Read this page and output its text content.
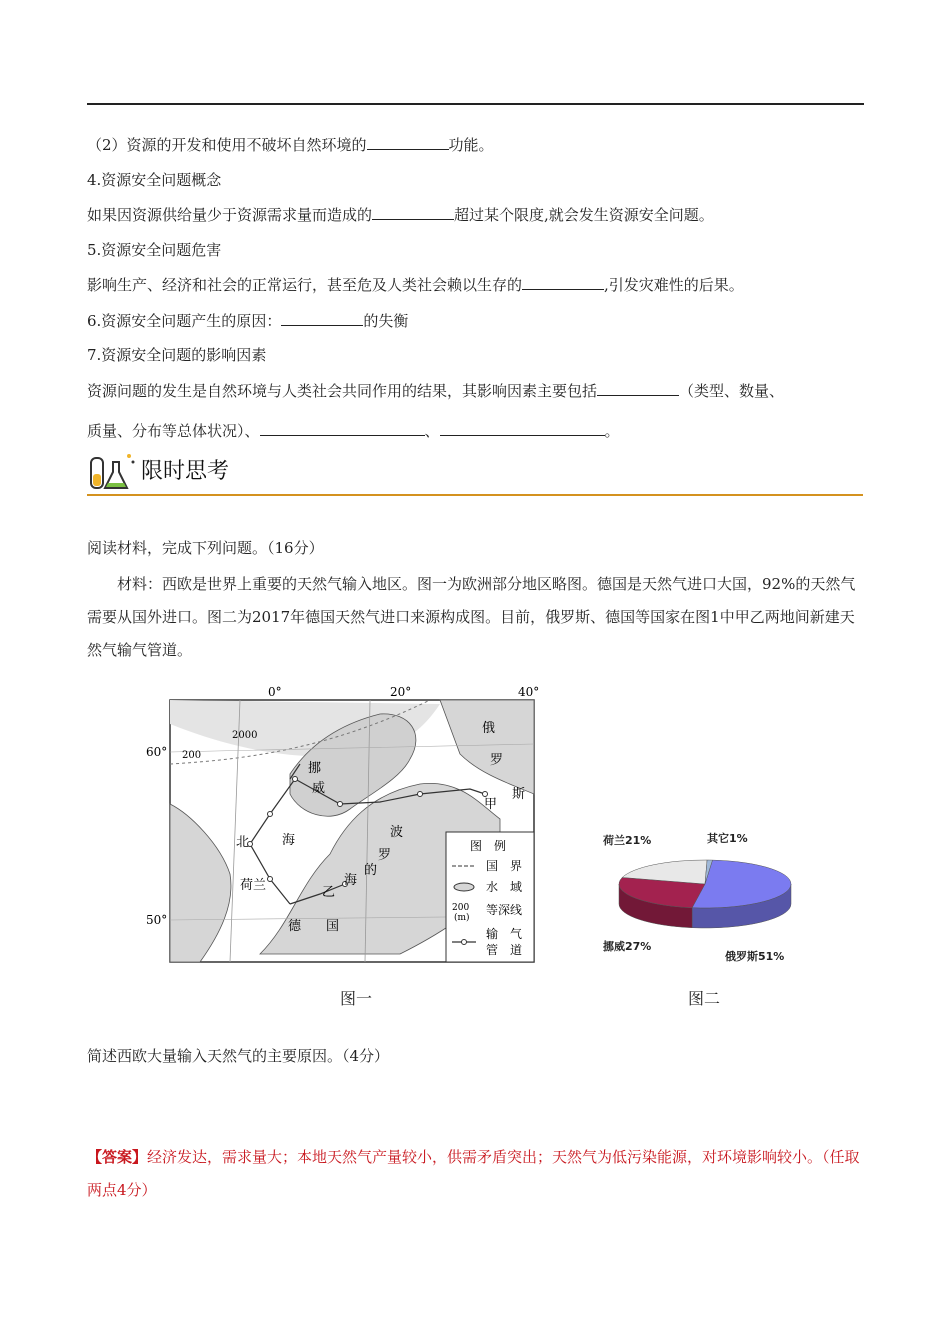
（2）资源的开发和使用不破坏自然环境的	功能。
4.资源安全问题概念
如果因资源供给量少于资源需求量而造成的	超过某个限度,就会发生资源安全问题。
5.资源安全问题危害
影响生产、经济和社会的正常运行，甚至危及人类社会赖以生存的	,引发灾难性的后果。
6.资源安全问题产生的原因：	的失衡
7.资源安全问题的影响因素
资源问题的发生是自然环境与人类社会共同作用的结果，其影响因素主要包括	（类型、数量、
质量、分布等总体状况）、	、	。
限时思考
阅读材料，完成下列问题。（16分）
材料：西欧是世界上重要的天然气输入地区。图一为欧洲部分地区略图。德国是天然气进口大国，92%的天然气需要从国外进口。图二为2017年德国天然气进口来源构成图。目前，俄罗斯、德国等国家在图1中甲乙两地间新建天然气输气管道。
0°	20°	40°
60°
50°
2000
200
挪
威
北	海
荷兰
德 国
乙
波
罗
的
海
俄
罗
斯
甲
图　例
国　界
水　域
200
(m)
等深线
输　气
管　道
图一
俄罗斯51%
挪威27%
荷兰21%	其它1%
图二
简述西欧大量输入天然气的主要原因。（4分）
【答案】经济发达，需求量大；本地天然气产量较小，供需矛盾突出；天然气为低污染能源，对环境影响较小。（任取两点4分）
